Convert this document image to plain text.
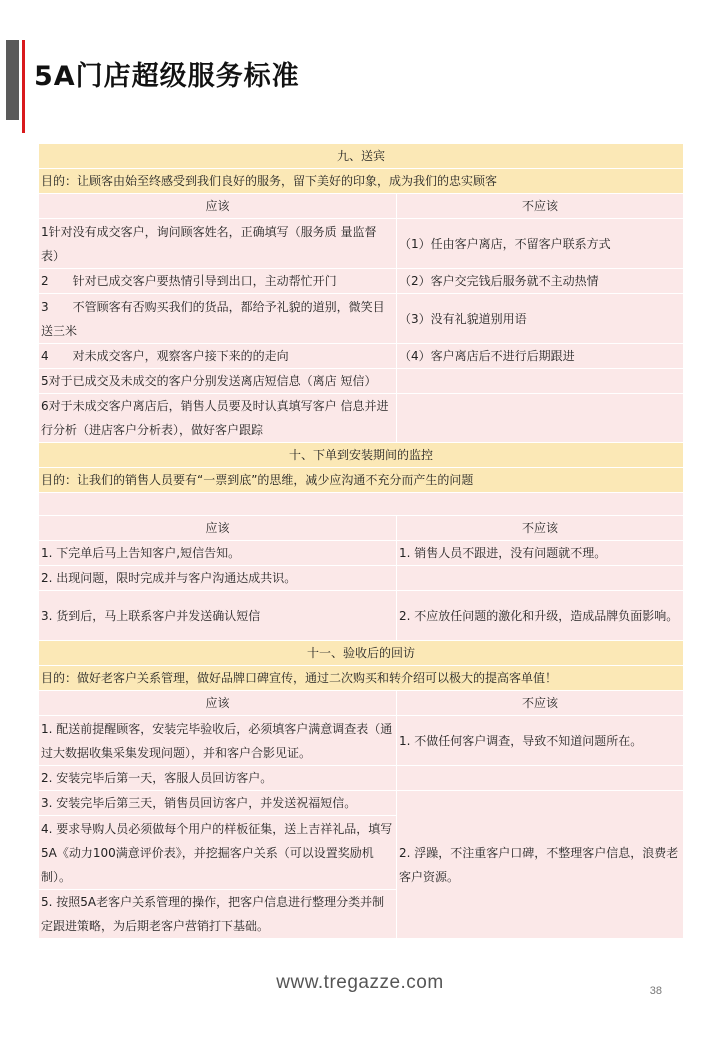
5A门店超级服务标准
九、送宾	
目的：让顾客由始至终感受到我们良好的服务，留下美好的印象，成为我们的忠实顾客	
应该	不应该
1针对没有成交客户，询问顾客姓名，正确填写（服务质 量监督表）	（1）任由客户离店，不留客户联系方式
2　　针对已成交客户要热情引导到出口，主动帮忙开门	（2）客户交完钱后服务就不主动热情
3　　不管顾客有否购买我们的货品，都给予礼貌的道别，微笑目送三米	（3）没有礼貌道别用语
4　　对未成交客户，观察客户接下来的的走向	（4）客户离店后不进行后期跟进
5对于已成交及未成交的客户分别发送离店短信息（离店 短信）	
6对于未成交客户离店后，销售人员要及时认真填写客户 信息并进行分析（进店客户分析表），做好客户跟踪	
十、下单到安装期间的监控	
目的：让我们的销售人员要有“一票到底”的思维，减少应沟通不充分而产生的问题	

应该	不应该
1. 下完单后马上告知客户,短信告知。	1. 销售人员不跟进，没有问题就不理。
2. 出现问题，限时完成并与客户沟通达成共识。	
3. 货到后，马上联系客户并发送确认短信	2. 不应放任问题的激化和升级，造成品牌负面影响。
十一、验收后的回访	
目的：做好老客户关系管理，做好品牌口碑宣传，通过二次购买和转介绍可以极大的提高客单值！	
应该	不应该
1. 配送前提醒顾客，安装完毕验收后，必须填客户满意调查表（通过大数据收集采集发现问题），并和客户合影见证。	1. 不做任何客户调查，导致不知道问题所在。
2. 安装完毕后第一天，客服人员回访客户。	
3. 安装完毕后第三天，销售员回访客户，并发送祝福短信。	2. 浮躁，不注重客户口碑，不整理客户信息，浪费老客户资源。
4. 要求导购人员必须做每个用户的样板征集，送上吉祥礼品，填写5A《动力100满意评价表》，并挖掘客户关系（可以设置奖励机制）。	
5. 按照5A老客户关系管理的操作，把客户信息进行整理分类并制定跟进策略，为后期老客户营销打下基础。	
www.tregazze.com	38
